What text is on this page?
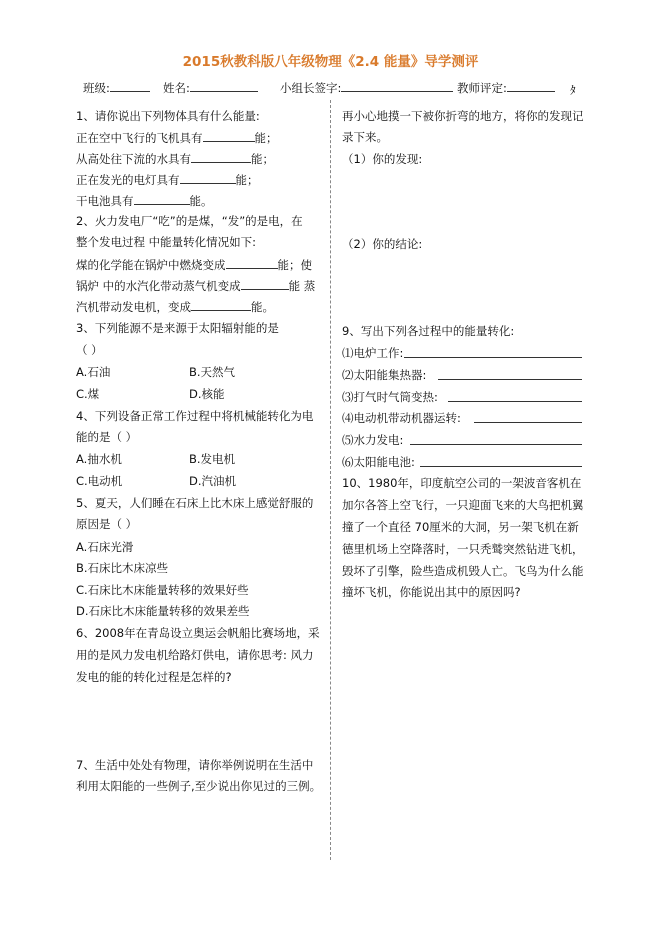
2015秋教科版八年级物理《2.4 能量》导学测评
班级:	姓名:	小组长签字:	教师评定:	ﾀ
1、请你说出下列物体具有什么能量:
正在空中飞行的飞机具有	能；
从高处往下流的水具有	能；
正在发光的电灯具有	能；
干电池具有	能。
2、火力发电厂“吃”的是煤，“发”的是电，在
整个发电过程 中能量转化情况如下:
煤的化学能在锅炉中燃烧变成	能；使
锅炉 中的水汽化带动蒸气机变成	能 蒸
汽机带动发电机，变成	能。
3、下列能源不是来源于太阳辐射能的是
（ ）
A.石油	B.天然气
C.煤	D.核能
4、下列设备正常工作过程中将机械能转化为电
能的是（ ）
A.抽水机	B.发电机
C.电动机	D.汽油机
5、夏天，人们睡在石床上比木床上感觉舒服的
原因是（ ）
A.石床光滑
B.石床比木床凉些
C.石床比木床能量转移的效果好些
D.石床比木床能量转移的效果差些
6、2008年在青岛设立奥运会帆船比赛场地，采
用的是风力发电机给路灯供电，请你思考: 风力
发电的能的转化过程是怎样的?
7、生活中处处有物理，请你举例说明在生活中
利用太阳能的一些例子,至少说出你见过的三例。
再小心地摸一下被你折弯的地方，将你的发现记
录下来。
（1）你的发现:
（2）你的结论:
9、写出下列各过程中的能量转化:
⑴电炉工作:
⑵太阳能集热器:
⑶打气时气筒变热:
⑷电动机带动机器运转:
⑸水力发电:
⑹太阳能电池:
10、1980年，印度航空公司的一架波音客机在
加尔各答上空飞行，一只迎面飞来的大鸟把机翼
撞了一个直径 70厘米的大洞，另一架飞机在新
德里机场上空降落时，一只秃鹫突然钻进飞机，
毁坏了引擎，险些造成机毁人亡。飞鸟为什么能
撞坏飞机，你能说出其中的原因吗?
